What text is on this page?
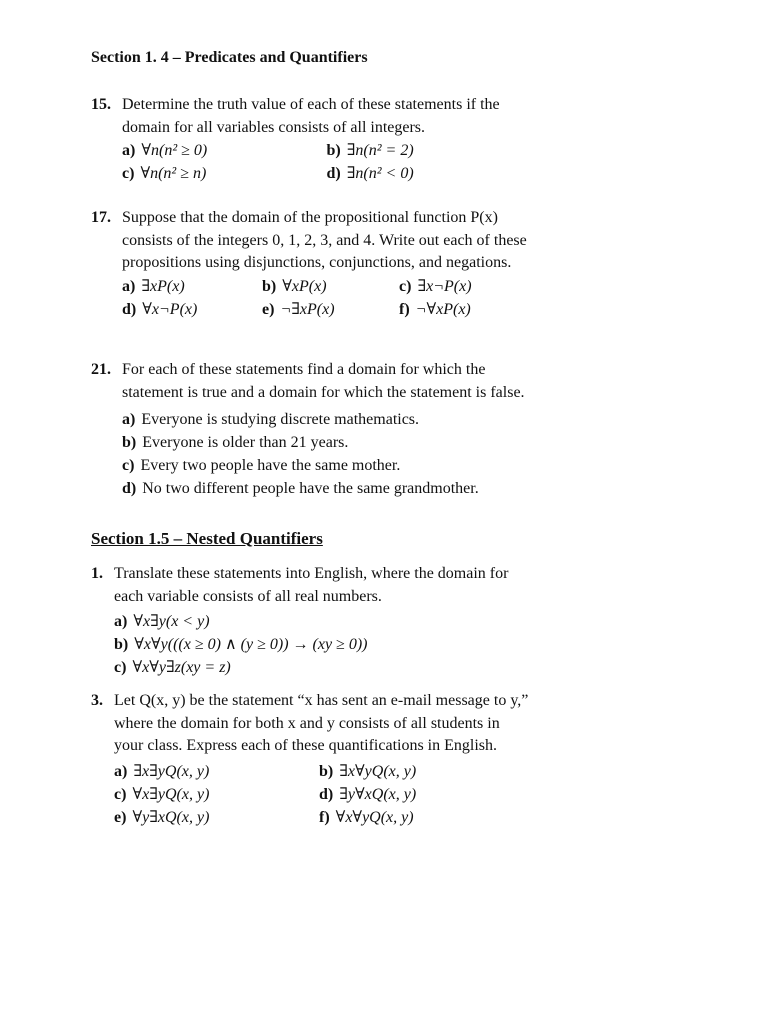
Section 1. 4 – Predicates and Quantifiers
15. Determine the truth value of each of these statements if the domain for all variables consists of all integers.
a) ∀n(n² ≥ 0)	b) ∃n(n² = 2)
c) ∀n(n² ≥ n)	d) ∃n(n² < 0)
17. Suppose that the domain of the propositional function P(x) consists of the integers 0, 1, 2, 3, and 4. Write out each of these propositions using disjunctions, conjunctions, and negations.
a) ∃xP(x)	b) ∀xP(x)	c) ∃x¬P(x)
d) ∀x¬P(x)	e) ¬∃xP(x)	f) ¬∀xP(x)
21. For each of these statements find a domain for which the statement is true and a domain for which the statement is false.
a) Everyone is studying discrete mathematics.
b) Everyone is older than 21 years.
c) Every two people have the same mother.
d) No two different people have the same grandmother.
Section 1.5 – Nested Quantifiers
1. Translate these statements into English, where the domain for each variable consists of all real numbers.
a) ∀x∃y(x < y)
b) ∀x∀y(((x ≥ 0) ∧ (y ≥ 0)) → (xy ≥ 0))
c) ∀x∀y∃z(xy = z)
3. Let Q(x, y) be the statement “x has sent an e-mail message to y,” where the domain for both x and y consists of all students in your class. Express each of these quantifications in English.
a) ∃x∃yQ(x, y)	b) ∃x∀yQ(x, y)
c) ∀x∃yQ(x, y)	d) ∃y∀xQ(x, y)
e) ∀y∃xQ(x, y)	f) ∀x∀yQ(x, y)
